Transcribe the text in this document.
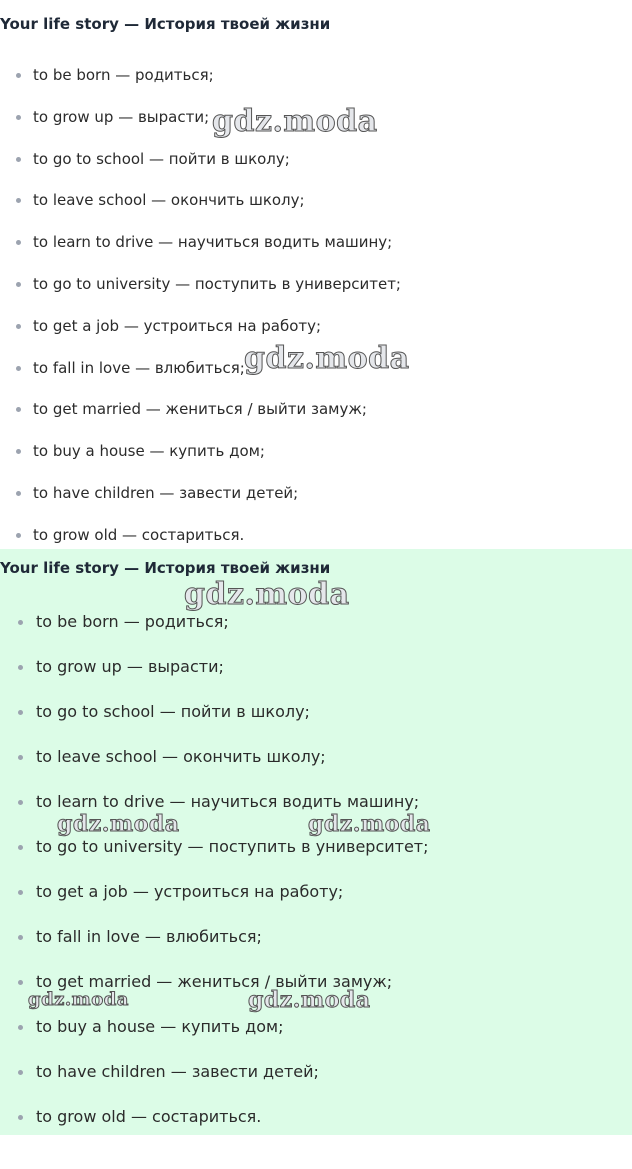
Your life story — История твоей жизни
to be born — родиться;
to grow up — вырасти;
to go to school — пойти в школу;
to leave school — окончить школу;
to learn to drive — научиться водить машину;
to go to university — поступить в университет;
to get a job — устроиться на работу;
to fall in love — влюбиться;
to get married — жениться / выйти замуж;
to buy a house — купить дом;
to have children — завести детей;
to grow old — состариться.
gdz.moda
gdz.moda
Your life story — История твоей жизни
to be born — родиться;
to grow up — вырасти;
to go to school — пойти в школу;
to leave school — окончить школу;
to learn to drive — научиться водить машину;
to go to university — поступить в университет;
to get a job — устроиться на работу;
to fall in love — влюбиться;
to get married — жениться / выйти замуж;
to buy a house — купить дом;
to have children — завести детей;
to grow old — состариться.
gdz.moda
gdz.moda	gdz.moda
gdz.moda	gdz.moda
